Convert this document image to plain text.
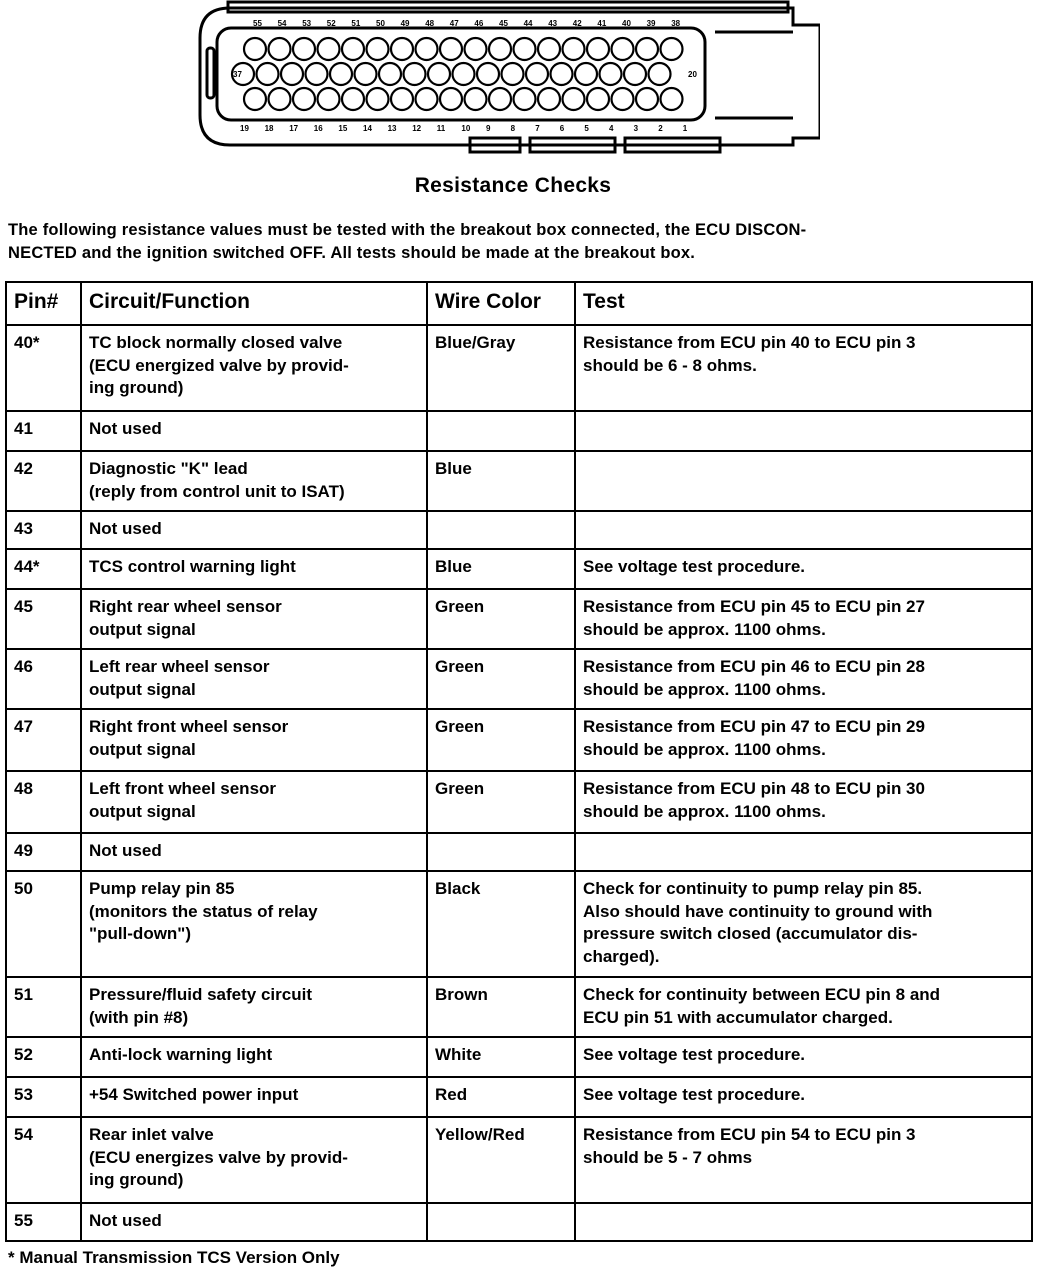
55 54 53 52 51 50 49 48 47 46 45 44 43 42 41 40 39 38
19 18 17 16 15 14 13 12 11 10 9	8	7	6	5	4	3	2	1
37	20
Resistance Checks
The following resistance values must be tested with the breakout box connected, the ECU DISCON-
NECTED and the ignition switched OFF. All tests should be made at the breakout box.
Pin#	Circuit/Function	Wire Color	Test
40*	TC block normally closed valve
(ECU energized valve by provid-
ing ground)	Blue/Gray	Resistance from ECU pin 40 to ECU pin 3
should be 6 - 8 ohms.
41	Not used		
42	Diagnostic "K" lead
(reply from control unit to ISAT)	Blue	
43	Not used		
44*	TCS control warning light	Blue	See voltage test procedure.
45	Right rear wheel sensor
output signal	Green	Resistance from ECU pin 45 to ECU pin 27
should be approx. 1100 ohms.
46	Left rear wheel sensor
output signal	Green	Resistance from ECU pin 46 to ECU pin 28
should be approx. 1100 ohms.
47	Right front wheel sensor
output signal	Green	Resistance from ECU pin 47 to ECU pin 29
should be approx. 1100 ohms.
48	Left front wheel sensor
output signal	Green	Resistance from ECU pin 48 to ECU pin 30
should be approx. 1100 ohms.
49	Not used		
50	Pump relay pin 85
(monitors the status of relay
"pull-down")	Black	Check for continuity to pump relay pin 85.
Also should have continuity to ground with
pressure switch closed (accumulator dis-
charged).
51	Pressure/fluid safety circuit
(with pin #8)	Brown	Check for continuity between ECU pin 8 and
ECU pin 51 with accumulator charged.
52	Anti-lock warning light	White	See voltage test procedure.
53	+54 Switched power input	Red	See voltage test procedure.
54	Rear inlet valve
(ECU energizes valve by provid-
ing ground)	Yellow/Red	Resistance from ECU pin 54 to ECU pin 3
should be 5 - 7 ohms
55	Not used		
* Manual Transmission TCS Version Only
